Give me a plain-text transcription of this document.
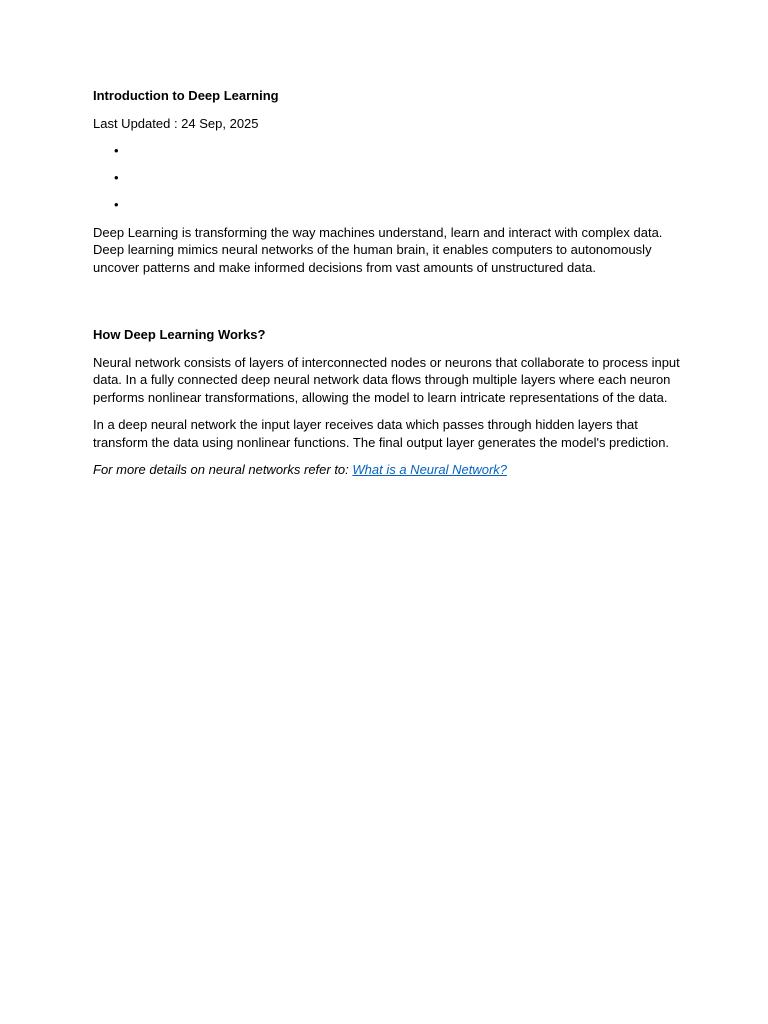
Introduction to Deep Learning
Last Updated : 24 Sep, 2025
•
•
•

Deep Learning is transforming the way machines understand, learn and interact with complex data. Deep learning mimics neural networks of the human brain, it enables computers to autonomously uncover patterns and make informed decisions from vast amounts of unstructured data.

How Deep Learning Works?

Neural network consists of layers of interconnected nodes or neurons that collaborate to process input data. In a fully connected deep neural network data flows through multiple layers where each neuron performs nonlinear transformations, allowing the model to learn intricate representations of the data.

In a deep neural network the input layer receives data which passes through hidden layers that transform the data using nonlinear functions. The final output layer generates the model's prediction.

For more details on neural networks refer to: What is a Neural Network?
